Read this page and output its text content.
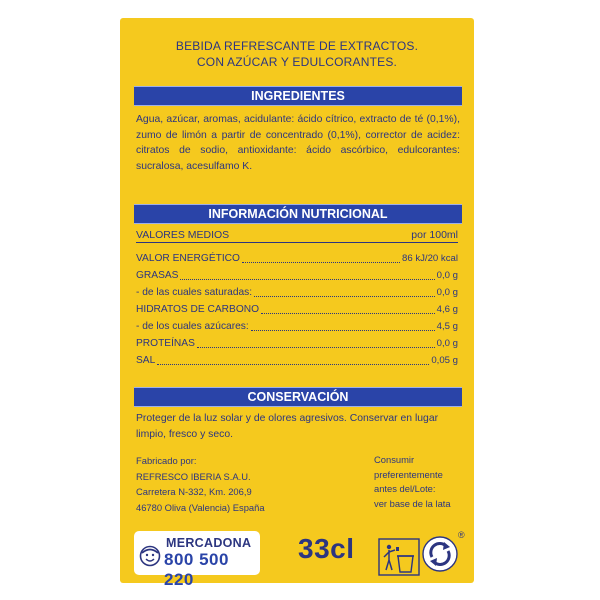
BEBIDA REFRESCANTE DE EXTRACTOS.
CON AZÚCAR Y EDULCORANTES.
INGREDIENTES
Agua, azúcar, aromas, acidulante: ácido cítrico, extracto de té (0,1%), zumo de limón a partir de concentrado (0,1%), corrector de acidez: citratos de sodio, antioxidante: ácido ascórbico, edulcorantes: sucralosa, acesulfamo K.
INFORMACIÓN NUTRICIONAL
VALORES MEDIOS	por 100ml
VALOR ENERGÉTICO	86 kJ/20 kcal
GRASAS	0,0 g
- de las cuales saturadas:	0,0 g
HIDRATOS DE CARBONO	4,6 g
- de los cuales azúcares:	4,5 g
PROTEÍNAS	0,0 g
SAL	0,05 g
CONSERVACIÓN
Proteger de la luz solar y de olores agresivos. Conservar en lugar limpio, fresco y seco.
Fabricado por:
REFRESCO IBERIA S.A.U.
Carretera N-332, Km. 206,9
46780 Oliva (Valencia) España
Consumir
preferentemente
antes del/Lote:
ver base de la lata
MERCADONA
800 500 220
33cl	®
